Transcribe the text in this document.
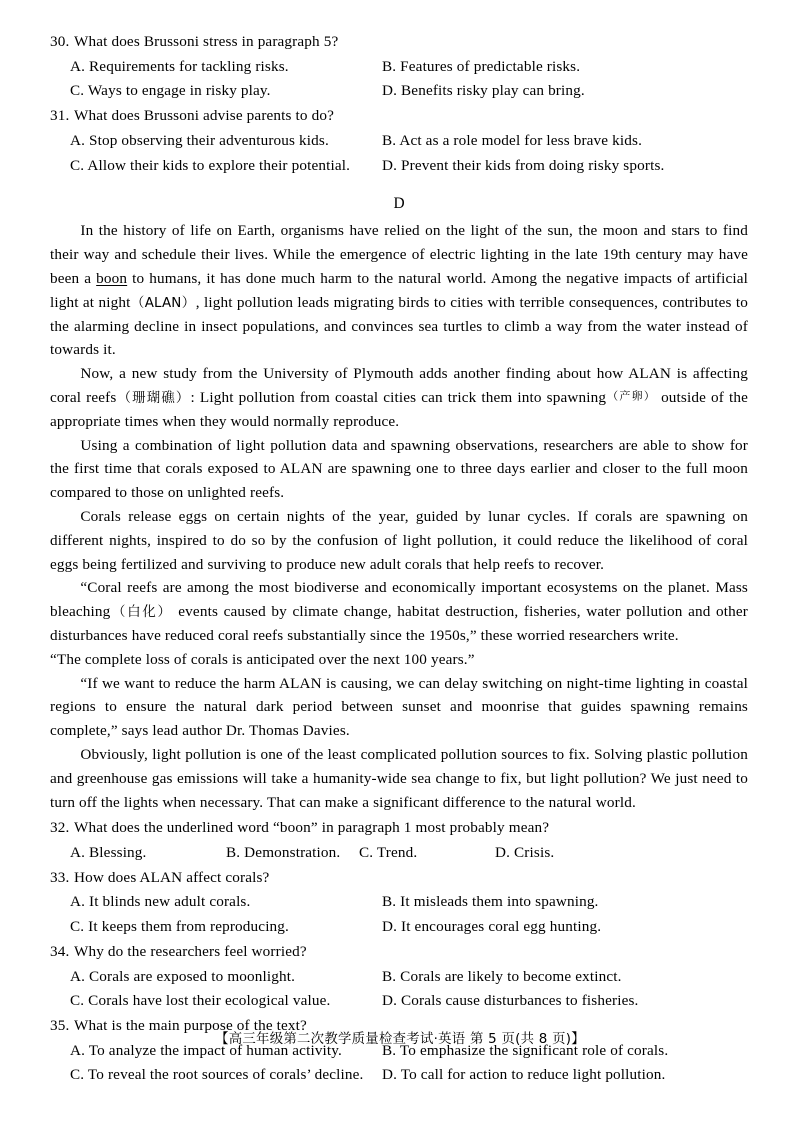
30. What does Brussoni stress in paragraph 5?
A. Requirements for tackling risks.	B. Features of predictable risks.
C. Ways to engage in risky play.	D. Benefits risky play can bring.
31. What does Brussoni advise parents to do?
A. Stop observing their adventurous kids.	B. Act as a role model for less brave kids.
C. Allow their kids to explore their potential.	D. Prevent their kids from doing risky sports.
D

In the history of life on Earth, organisms have relied on the light of the sun, the moon and stars to find their way and schedule their lives. While the emergence of electric lighting in the late 19th century may have been a boon to humans, it has done much harm to the natural world. Among the negative impacts of artificial light at night（ALAN）, light pollution leads migrating birds to cities with terrible consequences, contributes to the alarming decline in insect populations, and convinces sea turtles to climb a way from the water instead of towards it.

Now, a new study from the University of Plymouth adds another finding about how ALAN is affecting coral reefs（珊瑚礁）: Light pollution from coastal cities can trick them into spawning（产卵） outside of the appropriate times when they would normally reproduce.

Using a combination of light pollution data and spawning observations, researchers are able to show for the first time that corals exposed to ALAN are spawning one to three days earlier and closer to the full moon compared to those on unlighted reefs.

Corals release eggs on certain nights of the year, guided by lunar cycles. If corals are spawning on different nights, inspired to do so by the confusion of light pollution, it could reduce the likelihood of coral eggs being fertilized and surviving to produce new adult corals that help reefs to recover.

“Coral reefs are among the most biodiverse and economically important ecosystems on the planet. Mass bleaching（白化） events caused by climate change, habitat destruction, fisheries, water pollution and other disturbances have reduced coral reefs substantially since the 1950s,” these worried researchers write.

“The complete loss of corals is anticipated over the next 100 years.”

“If we want to reduce the harm ALAN is causing, we can delay switching on night-time lighting in coastal regions to ensure the natural dark period between sunset and moonrise that guides spawning remains complete,” says lead author Dr. Thomas Davies.

Obviously, light pollution is one of the least complicated pollution sources to fix. Solving plastic pollution and greenhouse gas emissions will take a humanity-wide sea change to fix, but light pollution? We just need to turn off the lights when necessary. That can make a significant difference to the natural world.

32. What does the underlined word “boon” in paragraph 1 most probably mean?
A. Blessing.	B. Demonstration.	C. Trend.	D. Crisis.
33. How does ALAN affect corals?
A. It blinds new adult corals.	B. It misleads them into spawning.
C. It keeps them from reproducing.	D. It encourages coral egg hunting.
34. Why do the researchers feel worried?
A. Corals are exposed to moonlight.	B. Corals are likely to become extinct.
C. Corals have lost their ecological value.	D. Corals cause disturbances to fisheries.
35. What is the main purpose of the text?
A. To analyze the impact of human activity.	B. To emphasize the significant role of corals.
C. To reveal the root sources of corals’ decline.	D. To call for action to reduce light pollution.
【高三年级第二次教学质量检查考试·英语 第 5 页(共 8 页)】
